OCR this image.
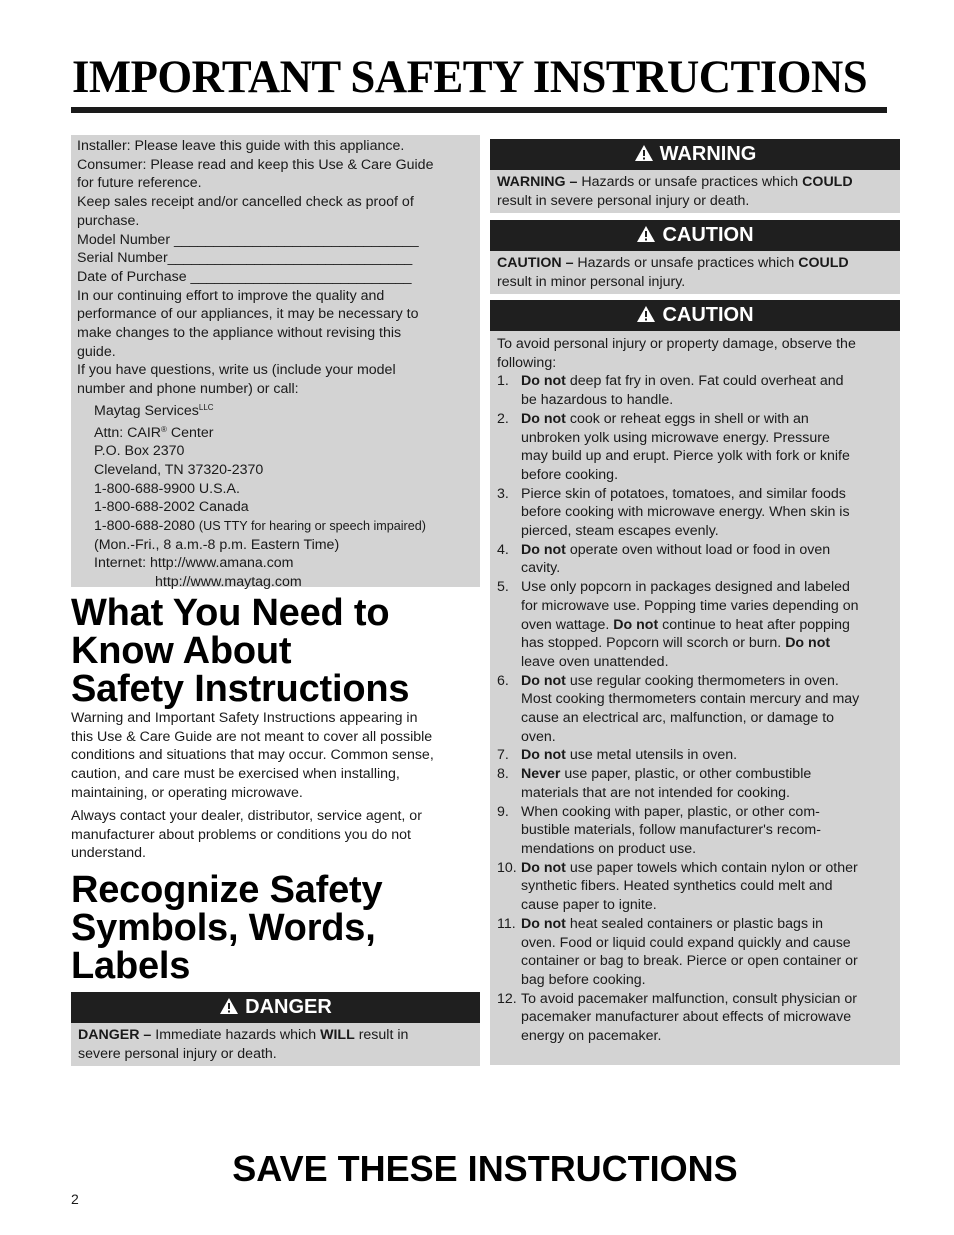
IMPORTANT SAFETY INSTRUCTIONS

Installer: Please leave this guide with this appliance.

Consumer: Please read and keep this Use & Care Guide

for future reference.

Keep sales receipt and/or cancelled check as proof of

purchase.

Model Number _______________________________

Serial Number_______________________________

Date of Purchase ____________________________

In our continuing effort to improve the quality and

performance of our appliances, it may be necessary to

make changes to the appliance without revising this

guide.

If you have questions, write us (include your model

number and phone number) or call:

Maytag Services$^{LLC}$

Attn: CAIR® Center

P.O. Box 2370

Cleveland, TN 37320-2370

1-800-688-9900 U.S.A.

1-800-688-2002 Canada

1-800-688-2080 (US TTY for hearing or speech impaired)

(Mon.-Fri., 8 a.m.-8 p.m. Eastern Time)

Internet: http://www.amana.com

http://www.maytag.com

What You Need to
Know About
Safety Instructions
Warning and Important Safety Instructions appearing in
this Use & Care Guide are not meant to cover all possible
conditions and situations that may occur. Common sense,
caution, and care must be exercised when installing,
maintaining, or operating microwave.
Always contact your dealer, distributor, service agent, or
manufacturer about problems or conditions you do not
understand.
Recognize Safety
Symbols, Words,
Labels
DANGER
DANGER – Immediate hazards which WILL result in
severe personal injury or death.
WARNING
WARNING – Hazards or unsafe practices which COULD
result in severe personal injury or death.
CAUTION
CAUTION – Hazards or unsafe practices which COULD
result in minor personal injury.
CAUTION
To avoid personal injury or property damage, observe the
following:
1. Do not deep fat fry in oven. Fat could overheat and
be hazardous to handle.
2. Do not cook or reheat eggs in shell or with an
unbroken yolk using microwave energy. Pressure
may build up and erupt. Pierce yolk with fork or knife
before cooking.
3. Pierce skin of potatoes, tomatoes, and similar foods
before cooking with microwave energy. When skin is
pierced, steam escapes evenly.
4. Do not operate oven without load or food in oven
cavity.
5. Use only popcorn in packages designed and labeled
for microwave use. Popping time varies depending on
oven wattage. Do not continue to heat after popping
has stopped. Popcorn will scorch or burn. Do not
leave oven unattended.
6. Do not use regular cooking thermometers in oven.
Most cooking thermometers contain mercury and may
cause an electrical arc, malfunction, or damage to
oven.
7. Do not use metal utensils in oven.
8. Never use paper, plastic, or other combustible
materials that are not intended for cooking.
9. When cooking with paper, plastic, or other com-
bustible materials, follow manufacturer's recom-
mendations on product use.
10. Do not use paper towels which contain nylon or other
synthetic fibers. Heated synthetics could melt and
cause paper to ignite.
11. Do not heat sealed containers or plastic bags in
oven. Food or liquid could expand quickly and cause
container or bag to break. Pierce or open container or
bag before cooking.
12. To avoid pacemaker malfunction, consult physician or
pacemaker manufacturer about effects of microwave
energy on pacemaker.
SAVE THESE INSTRUCTIONS
2
